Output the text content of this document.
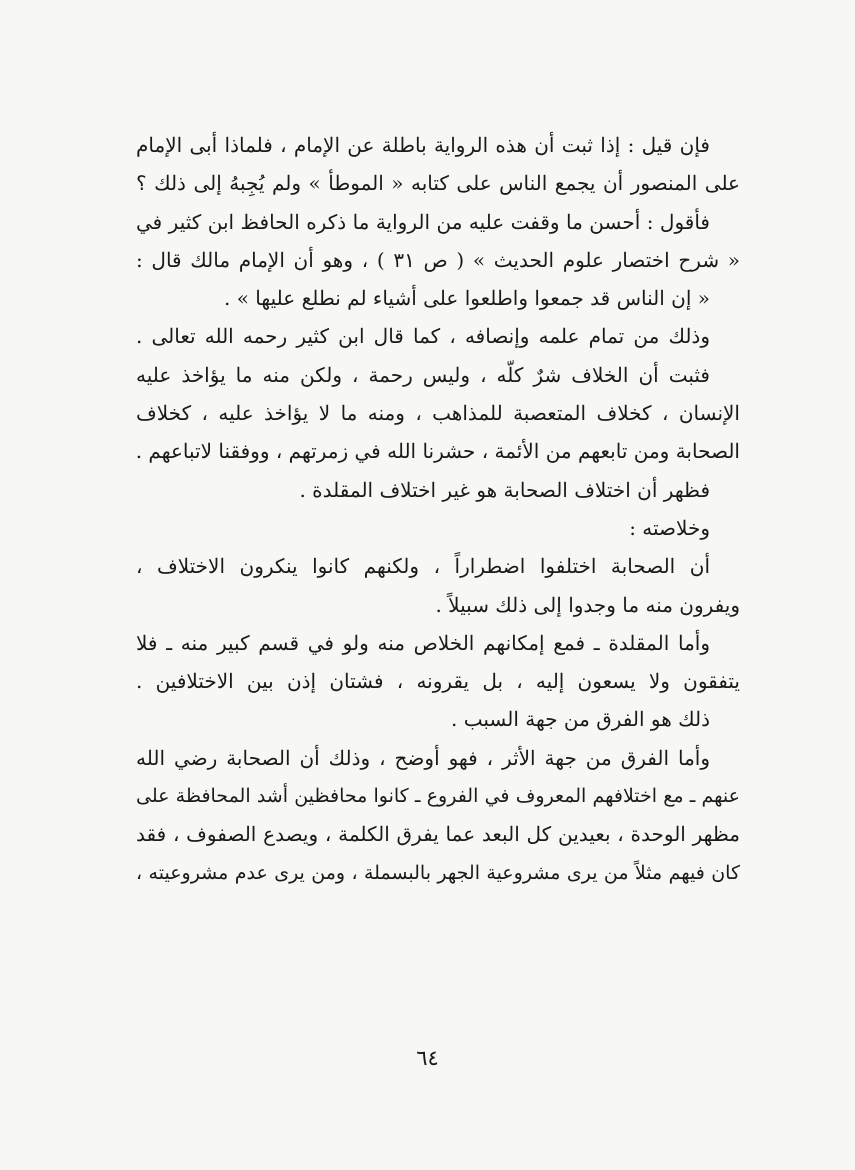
فإن قيل : إذا ثبت أن هذه الرواية باطلة عن الإمام ، فلماذا أبى الإمام
على المنصور أن يجمع الناس على كتابه « الموطأ » ولم يُجِبهُ إلى ذلك ؟
فأقول : أحسن ما وقفت عليه من الرواية ما ذكره الحافظ ابن كثير في
« شرح اختصار علوم الحديث » ( ص ٣١ ) ، وهو أن الإمام مالك قال :
« إن الناس قد جمعوا واطلعوا على أشياء لم نطلع عليها » .
وذلك من تمام علمه وإنصافه ، كما قال ابن كثير رحمه الله تعالى .
فثبت أن الخلاف شرٌ كلّه ، وليس رحمة ، ولكن منه ما يؤاخذ عليه
الإنسان ، كخلاف المتعصبة للمذاهب ، ومنه ما لا يؤاخذ عليه ، كخلاف
الصحابة ومن تابعهم من الأئمة ، حشرنا الله في زمرتهم ، ووفقنا لاتباعهم .
فظهر أن اختلاف الصحابة هو غير اختلاف المقلدة .
وخلاصته :
أن الصحابة اختلفوا اضطراراً ، ولكنهم كانوا ينكرون الاختلاف ،
ويفرون منه ما وجدوا إلى ذلك سبيلاً .
وأما المقلدة ـ فمع إمكانهم الخلاص منه ولو في قسم كبير منه ـ فلا
يتفقون ولا يسعون إليه ، بل يقرونه ، فشتان إذن بين الاختلافين .
ذلك هو الفرق من جهة السبب .
وأما الفرق من جهة الأثر ، فهو أوضح ، وذلك أن الصحابة رضي الله
عنهم ـ مع اختلافهم المعروف في الفروع ـ كانوا محافظين أشد المحافظة على
مظهر الوحدة ، بعيدين كل البعد عما يفرق الكلمة ، ويصدع الصفوف ، فقد
كان فيهم مثلاً من يرى مشروعية الجهر بالبسملة ، ومن يرى عدم مشروعيته ،
٦٤
